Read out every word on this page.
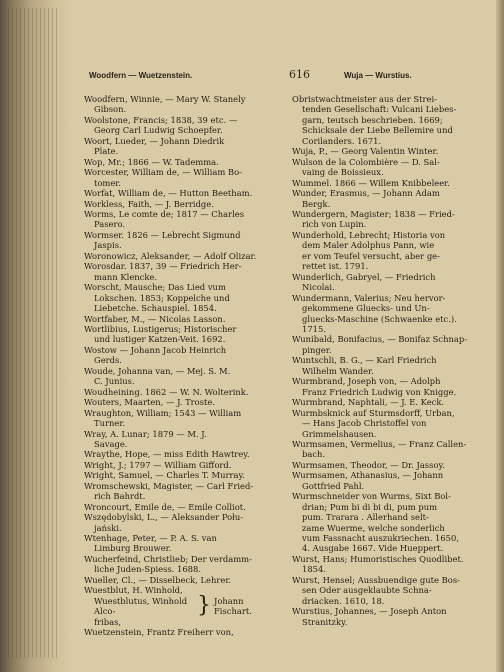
Woodfern — Wuetzenstein.	616	Wuja — Wurstius.

Woodfern, Winnie, — Mary W. Stanely
Gibson.

Woolstone, Francis; 1838, 39 etc. —
Georg Carl Ludwig Schoepfer.

Woort, Lueder, — Johann Diedrik
Plate.

Wop, Mr.; 1866 — W. Tademma.

Worcester, William de, — William Bo-
tomer.

Worfat, William de, — Hutton Beetham.

Workless, Faith, — J. Berridge.

Worms, Le comte de; 1817 — Charles
Pasero.

Wormser. 1826 — Lebrecht Sigmund
Jaspis.

Woronowicz, Aleksander, — Adolf Olizar.

Worosdar. 1837, 39 — Friedrich Her-
mann Klencke.

Worscht, Mausche; Das Lied vum
Lokschen. 1853; Koppelche und
Liebetche. Schauspiel. 1854.

Wortfaber, M., — Nicolas Lasson.

Wortlibius, Lustigerus; Historischer
und lustiger Katzen-Veit. 1692.

Wostow — Johann Jacob Heinrich
Gerds.

Woude, Johanna van, — Mej. S. M.
C. Junius.

Woudheining. 1862 — W. N. Wolterink.

Wouters, Maarten, — J. Troste.

Wraughton, William; 1543 — William
Turner.

Wray, A. Lunar; 1879 — M. J.
Savage.

Wraythe, Hope, — miss Edith Hawtrey.

Wright, J.; 1797 — William Gifford.

Wright, Samuel, — Charles T. Murray.

Wromschewski, Magister, — Carl Fried-
rich Bahrdt.

Wroncourt, Emile de, — Emile Colliot.

Wszędobylski, L., — Aleksander Połu-
jański.

Wtenhage, Peter, — P. A. S. van
Limburg Brouwer.

Wucherfeind, Christlieb; Der verdamm-
liche Juden-Spiess. 1688.

Wueller, Cl., — Disselbeck, Lehrer.

Wuestblut, H. Winhold,
Wuestblutus, Winhold Alco-
fribas,
} Johann
Fischart.

Wuetzenstein, Frantz Freiherr von,

Obristwachtmeister aus der Strei-
tenden Gesellschaft: Vulcani Liebes-
garn, teutsch beschrieben. 1669;
Schicksale der Liebe Bellemire und
Corilanders. 1671.

Wuja, P., — Georg Valentin Winter.

Wulson de la Colombière — D. Sal-
vaing de Boissieux.

Wummel. 1866 — Willem Knibbeleer.

Wunder, Erasmus, — Johann Adam
Bergk.

Wundergern, Magister; 1838 — Fried-
rich von Lupin.

Wunderhold, Lebrecht; Historia von
dem Maler Adolphus Pann, wie
er vom Teufel versucht, aber ge-
rettet ist. 1791.

Wunderlich, Gabryel, — Friedrich
Nicolai.

Wundermann, Valerius; Neu hervor-
gekommene Gluecks- und Un-
gluecks-Maschine (Schwaenke etc.).
1715.

Wunibald, Bonifacius, — Bonifaz Schnap-
pinger.

Wuntschli, B. G., — Karl Friedrich
Wilhelm Wander.

Wurmbrand, Joseph von, — Adolph
Franz Friedrich Ludwig von Knigge.

Wurmbrand, Naphtali, — J. E. Keck.

Wurmbsknick auf Sturmsdorff, Urban,
— Hans Jacob Christoffel von
Grimmelshausen.

Wurmsamen, Vermelius, — Franz Callen-
bach.

Wurmsamen, Theodor, — Dr. Jassoy.

Wurmsamen, Athanasius, — Johann
Gottfried Pahl.

Wurmschneider von Wurms, Sixt Bol-
drian; Pum bi di bi di, pum pum
pum. Trarara . Allerhand selt-
zame Wuerme, welche sonderlich
vum Fassnacht auszukriechen. 1650,
4. Ausgabe 1667. Vide Hueppert.

Wurst, Hans; Humoristisches Quodlibet.
1854.

Wurst, Hensel; Aussbuendige gute Bos-
sen Oder ausgeklaubte Schna-
driacken. 1610, 18.

Wurstius, Johannes, — Joseph Anton
Stranitzky.
